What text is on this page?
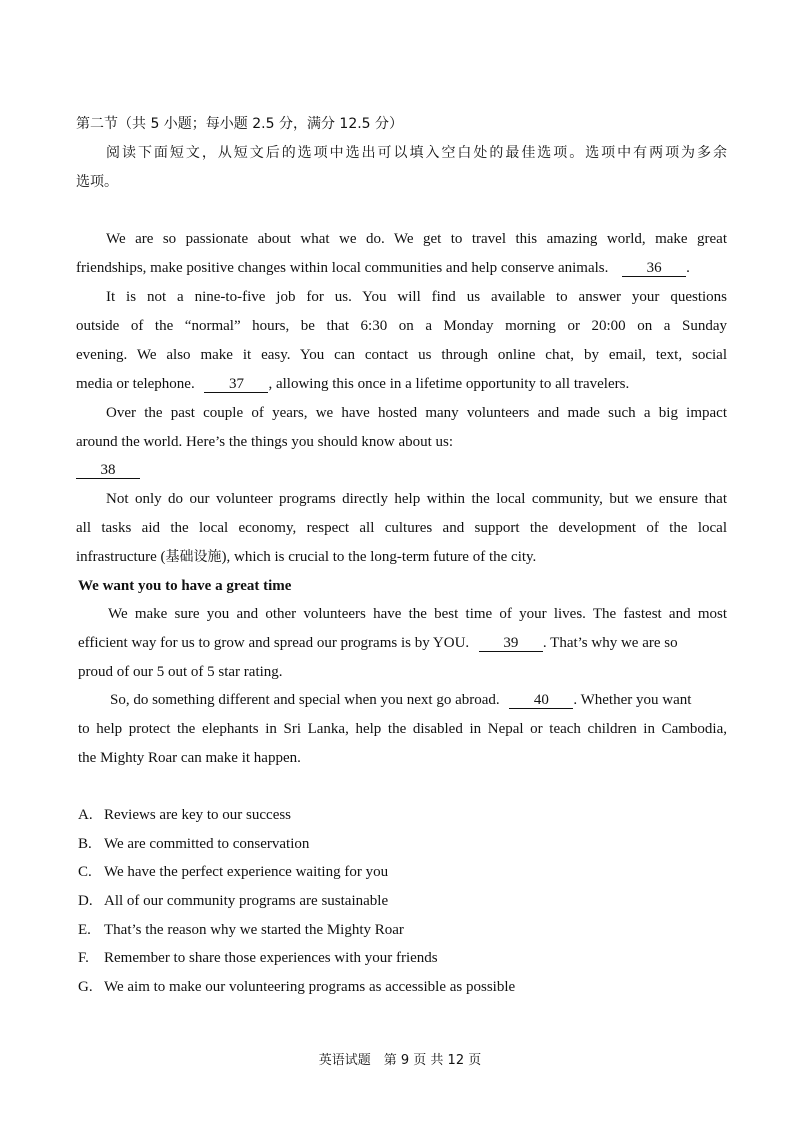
第二节（共 5 小题；每小题 2.5 分，满分 12.5 分）
阅读下面短文，从短文后的选项中选出可以填入空白处的最佳选项。选项中有两项为多余
选项。
We are so passionate about what we do. We get to travel this amazing world, make great
friendships, make positive changes within local communities and help conserve animals.	36 .
It is not a nine-to-five job for us. You will find us available to answer your questions
outside of the “normal” hours, be that 6:30 on a Monday morning or 20:00 on a Sunday
evening. We also make it easy. You can contact us through online chat, by email, text, social
media or telephone. 37 , allowing this once in a lifetime opportunity to all travelers.
Over the past couple of years, we have hosted many volunteers and made such a big impact
around the world. Here’s the things you should know about us:
38
Not only do our volunteer programs directly help within the local community, but we ensure that
all tasks aid the local economy, respect all cultures and support the development of the local
infrastructure (基础设施), which is crucial to the long-term future of the city.
We want you to have a great time
We make sure you and other volunteers have the best time of your lives. The fastest and most
efficient way for us to grow and spread our programs is by YOU. 39 . That’s why we are so
proud of our 5 out of 5 star rating.
So, do something different and special when you next go abroad. 40 . Whether you want
to help protect the elephants in Sri Lanka, help the disabled in Nepal or teach children in Cambodia,
the Mighty Roar can make it happen.
A. Reviews are key to our success
B. We are committed to conservation
C. We have the perfect experience waiting for you
D. All of our community programs are sustainable
E. That’s the reason why we started the Mighty Roar
F. Remember to share those experiences with your friends
G. We aim to make our volunteering programs as accessible as possible
英语试题　第 9 页 共 12 页
